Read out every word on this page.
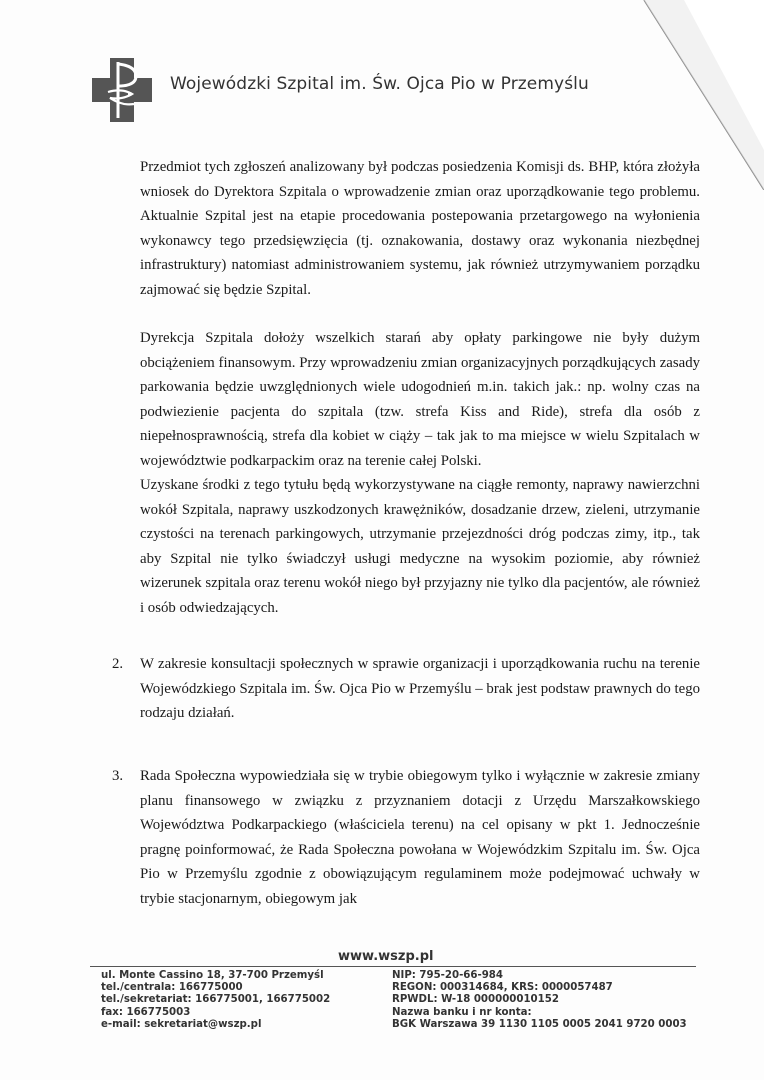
Wojewódzki Szpital im. Św. Ojca Pio w Przemyślu

Przedmiot tych zgłoszeń analizowany był podczas posiedzenia Komisji ds. BHP, która złożyła wniosek do Dyrektora Szpitala o wprowadzenie zmian oraz uporządkowanie tego problemu. Aktualnie Szpital jest na etapie procedowania postepowania przetargowego na wyłonienia wykonawcy tego przedsięwzięcia (tj. oznakowania, dostawy oraz wykonania niezbędnej infrastruktury) natomiast administrowaniem systemu, jak również utrzymywaniem porządku zajmować się będzie Szpital.

Dyrekcja Szpitala dołoży wszelkich starań aby opłaty parkingowe nie były dużym obciążeniem finansowym. Przy wprowadzeniu zmian organizacyjnych porządkujących zasady parkowania będzie uwzględnionych wiele udogodnień m.in. takich jak.: np. wolny czas na podwiezienie pacjenta do szpitala (tzw. strefa Kiss and Ride), strefa dla osób z niepełnosprawnością, strefa dla kobiet w ciąży – tak jak to ma miejsce w wielu Szpitalach w województwie podkarpackim oraz na terenie całej Polski.

Uzyskane środki z tego tytułu będą wykorzystywane na ciągłe remonty, naprawy nawierzchni wokół Szpitala, naprawy uszkodzonych krawężników, dosadzanie drzew, zieleni, utrzymanie czystości na terenach parkingowych, utrzymanie przejezdności dróg podczas zimy, itp., tak aby Szpital nie tylko świadczył usługi medyczne na wysokim poziomie, aby również wizerunek szpitala oraz terenu wokół niego był przyjazny nie tylko dla pacjentów, ale również i osób odwiedzających.

2.	W zakresie konsultacji społecznych w sprawie organizacji i uporządkowania ruchu na terenie Wojewódzkiego Szpitala im. Św. Ojca Pio w Przemyślu – brak jest podstaw prawnych do tego rodzaju działań.

3.	Rada Społeczna wypowiedziała się w trybie obiegowym tylko i wyłącznie w zakresie zmiany planu finansowego w związku z przyznaniem dotacji z Urzędu Marszałkowskiego Województwa Podkarpackiego (właściciela terenu) na cel opisany w pkt 1. Jednocześnie pragnę poinformować, że Rada Społeczna powołana w Wojewódzkim Szpitalu im. Św. Ojca Pio w Przemyślu zgodnie z obowiązującym regulaminem może podejmować uchwały w trybie stacjonarnym, obiegowym jak

www.wszp.pl
ul. Monte Cassino 18, 37-700 Przemyśl
tel./centrala: 166775000
tel./sekretariat: 166775001, 166775002
fax: 166775003
e-mail: sekretariat@wszp.pl
NIP: 795-20-66-984
REGON: 000314684, KRS: 0000057487
RPWDL: W-18 000000010152
Nazwa banku i nr konta:
BGK Warszawa 39 1130 1105 0005 2041 9720 0003
